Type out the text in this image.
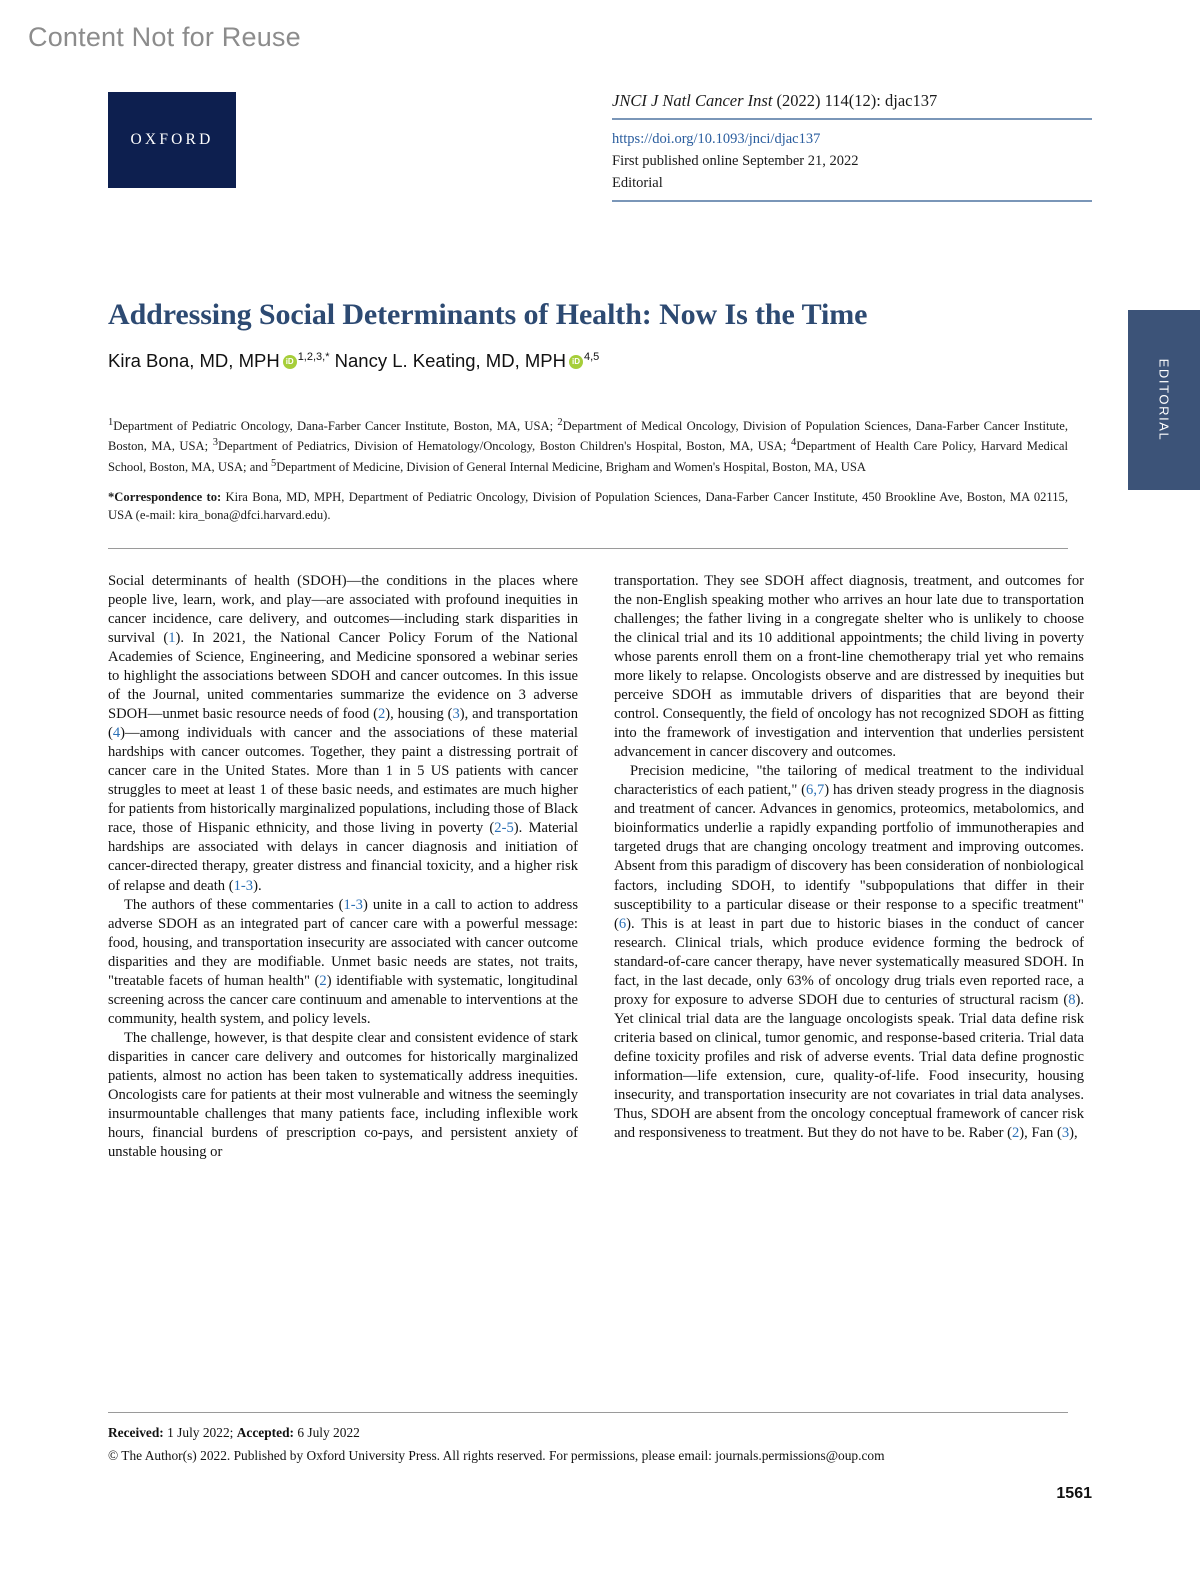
Content Not for Reuse
OXFORD
JNCI J Natl Cancer Inst (2022) 114(12): djac137
https://doi.org/10.1093/jnci/djac137
First published online September 21, 2022
Editorial
EDITORIAL
Addressing Social Determinants of Health: Now Is the Time
Kira Bona, MD, MPH iD $^{1,2,3,*}$ Nancy L. Keating, MD, MPH iD $^{4,5}$
$^1$Department of Pediatric Oncology, Dana-Farber Cancer Institute, Boston, MA, USA; $^2$Department of Medical Oncology, Division of Population Sciences, Dana-Farber Cancer Institute, Boston, MA, USA; $^3$Department of Pediatrics, Division of Hematology/Oncology, Boston Children's Hospital, Boston, MA, USA; $^4$Department of Health Care Policy, Harvard Medical School, Boston, MA, USA; and $^5$Department of Medicine, Division of General Internal Medicine, Brigham and Women's Hospital, Boston, MA, USA
*Correspondence to: Kira Bona, MD, MPH, Department of Pediatric Oncology, Division of Population Sciences, Dana-Farber Cancer Institute, 450 Brookline Ave, Boston, MA 02115, USA (e-mail: kira_bona@dfci.harvard.edu).

Social determinants of health (SDOH)—the conditions in the places where people live, learn, work, and play—are associated with profound inequities in cancer incidence, care delivery, and outcomes—including stark disparities in survival (1). In 2021, the National Cancer Policy Forum of the National Academies of Science, Engineering, and Medicine sponsored a webinar series to highlight the associations between SDOH and cancer outcomes. In this issue of the Journal, united commentaries summarize the evidence on 3 adverse SDOH—unmet basic resource needs of food (2), housing (3), and transportation (4)—among individuals with cancer and the associations of these material hardships with cancer outcomes. Together, they paint a distressing portrait of cancer care in the United States. More than 1 in 5 US patients with cancer struggles to meet at least 1 of these basic needs, and estimates are much higher for patients from historically marginalized populations, including those of Black race, those of Hispanic ethnicity, and those living in poverty (2-5). Material hardships are associated with delays in cancer diagnosis and initiation of cancer-directed therapy, greater distress and financial toxicity, and a higher risk of relapse and death (1-3).

The authors of these commentaries (1-3) unite in a call to action to address adverse SDOH as an integrated part of cancer care with a powerful message: food, housing, and transportation insecurity are associated with cancer outcome disparities and they are modifiable. Unmet basic needs are states, not traits, "treatable facets of human health" (2) identifiable with systematic, longitudinal screening across the cancer care continuum and amenable to interventions at the community, health system, and policy levels.

The challenge, however, is that despite clear and consistent evidence of stark disparities in cancer care delivery and outcomes for historically marginalized patients, almost no action has been taken to systematically address inequities. Oncologists care for patients at their most vulnerable and witness the seemingly insurmountable challenges that many patients face, including inflexible work hours, financial burdens of prescription co-pays, and persistent anxiety of unstable housing or

transportation. They see SDOH affect diagnosis, treatment, and outcomes for the non-English speaking mother who arrives an hour late due to transportation challenges; the father living in a congregate shelter who is unlikely to choose the clinical trial and its 10 additional appointments; the child living in poverty whose parents enroll them on a front-line chemotherapy trial yet who remains more likely to relapse. Oncologists observe and are distressed by inequities but perceive SDOH as immutable drivers of disparities that are beyond their control. Consequently, the field of oncology has not recognized SDOH as fitting into the framework of investigation and intervention that underlies persistent advancement in cancer discovery and outcomes.

Precision medicine, "the tailoring of medical treatment to the individual characteristics of each patient," (6,7) has driven steady progress in the diagnosis and treatment of cancer. Advances in genomics, proteomics, metabolomics, and bioinformatics underlie a rapidly expanding portfolio of immunotherapies and targeted drugs that are changing oncology treatment and improving outcomes. Absent from this paradigm of discovery has been consideration of nonbiological factors, including SDOH, to identify "subpopulations that differ in their susceptibility to a particular disease or their response to a specific treatment" (6). This is at least in part due to historic biases in the conduct of cancer research. Clinical trials, which produce evidence forming the bedrock of standard-of-care cancer therapy, have never systematically measured SDOH. In fact, in the last decade, only 63% of oncology drug trials even reported race, a proxy for exposure to adverse SDOH due to centuries of structural racism (8). Yet clinical trial data are the language oncologists speak. Trial data define risk criteria based on clinical, tumor genomic, and response-based criteria. Trial data define toxicity profiles and risk of adverse events. Trial data define prognostic information—life extension, cure, quality-of-life. Food insecurity, housing insecurity, and transportation insecurity are not covariates in trial data analyses. Thus, SDOH are absent from the oncology conceptual framework of cancer risk and responsiveness to treatment. But they do not have to be. Raber (2), Fan (3),

Received: 1 July 2022; Accepted: 6 July 2022
© The Author(s) 2022. Published by Oxford University Press. All rights reserved. For permissions, please email: journals.permissions@oup.com
1561
